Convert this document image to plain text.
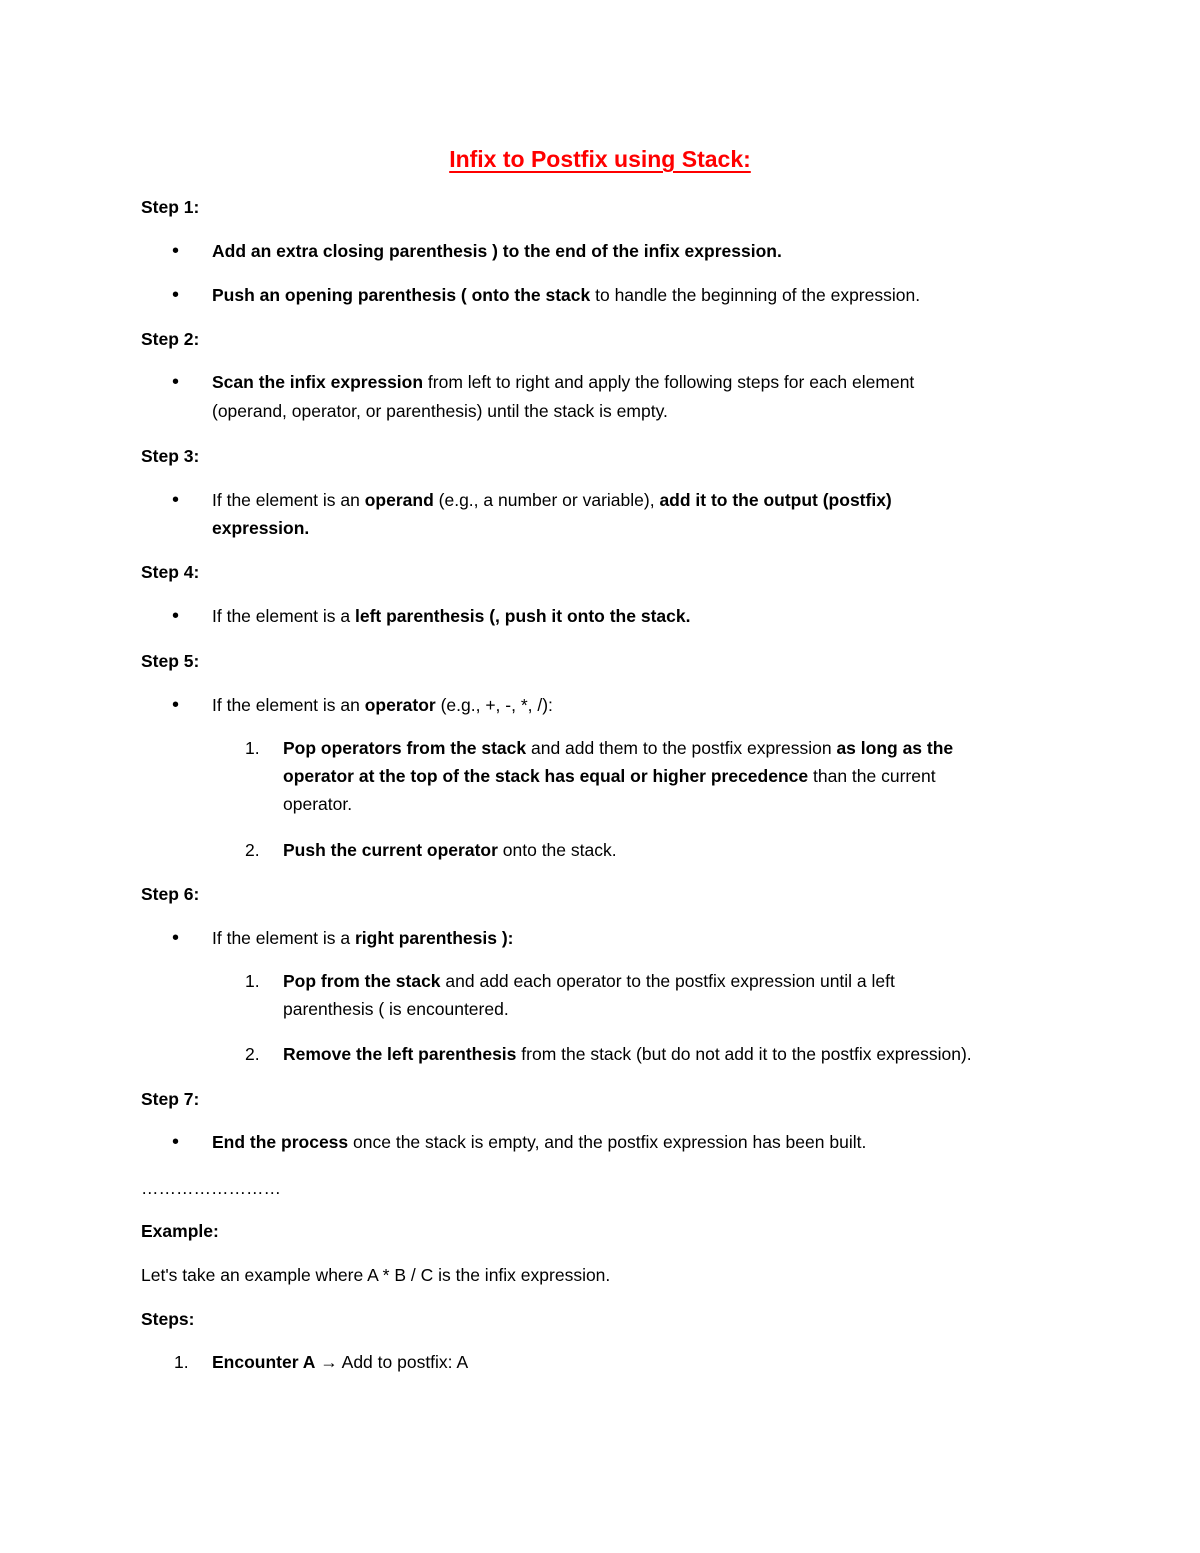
Infix to Postfix using Stack:
Step 1:
• Add an extra closing parenthesis ) to the end of the infix expression.
• Push an opening parenthesis ( onto the stack to handle the beginning of the expression.
Step 2:
• Scan the infix expression from left to right and apply the following steps for each element
(operand, operator, or parenthesis) until the stack is empty.
Step 3:
• If the element is an operand (e.g., a number or variable), add it to the output (postfix)
expression.
Step 4:
• If the element is a left parenthesis (, push it onto the stack.
Step 5:
• If the element is an operator (e.g., +, -, *, /):
1. Pop operators from the stack and add them to the postfix expression as long as the
operator at the top of the stack has equal or higher precedence than the current
operator.
2. Push the current operator onto the stack.
Step 6:
• If the element is a right parenthesis ):
1. Pop from the stack and add each operator to the postfix expression until a left
parenthesis ( is encountered.
2. Remove the left parenthesis from the stack (but do not add it to the postfix expression).
Step 7:
• End the process once the stack is empty, and the postfix expression has been built.
……………………
Example:
Let's take an example where A * B / C is the infix expression.
Steps:
1. Encounter A → Add to postfix: A
